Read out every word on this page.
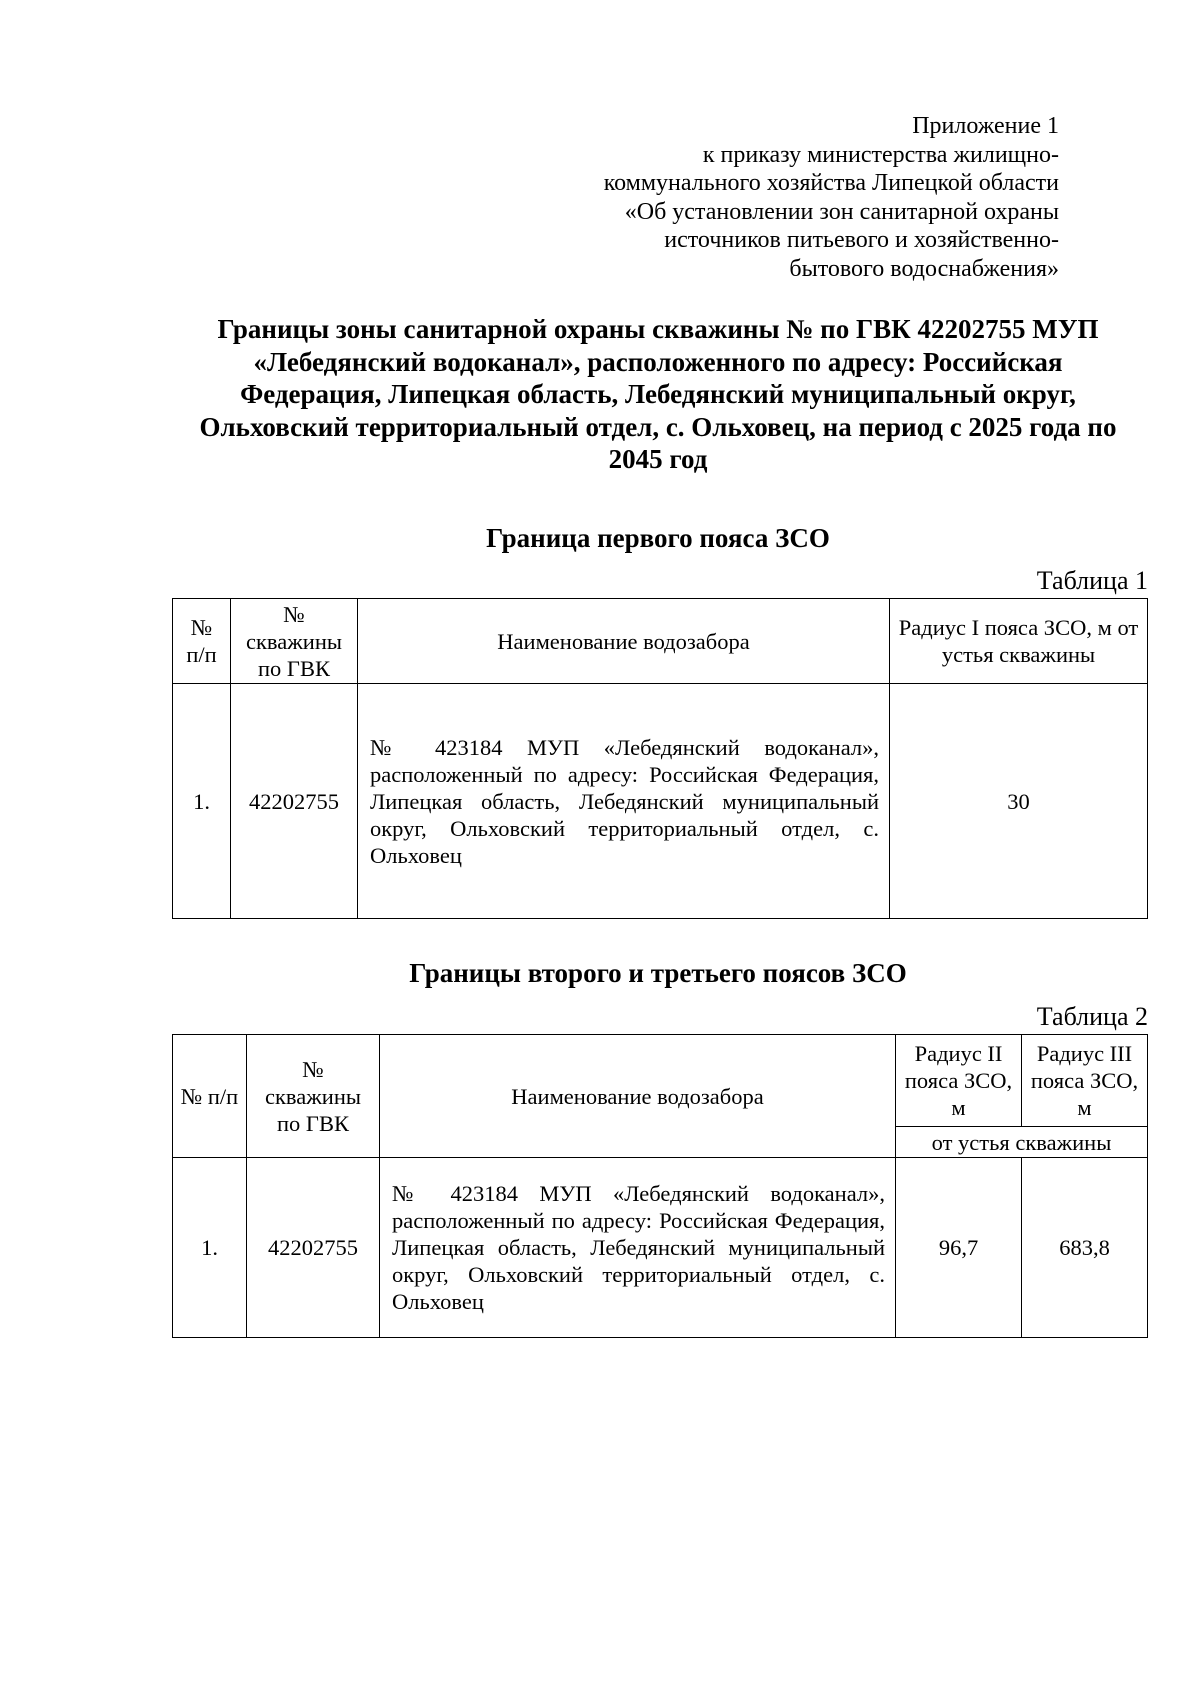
Приложение 1
к приказу министерства жилищно-
коммунального хозяйства Липецкой области
«Об установлении зон санитарной охраны
источников питьевого и хозяйственно-
бытового водоснабжения»
Границы зоны санитарной охраны скважины № по ГВК 42202755 МУП
«Лебедянский водоканал», расположенного по адресу: Российская
Федерация, Липецкая область, Лебедянский муниципальный округ,
Ольховский территориальный отдел, с. Ольховец, на период с 2025 года по
2045 год
Граница первого пояса ЗСО
Таблица 1
№ п/п	№ скважины по ГВК	Наименование водозабора	Радиус I пояса ЗСО, м от устья скважины
1.	42202755	№ 423184 МУП «Лебедянский водоканал», расположенный по адресу: Российская Федерация, Липецкая область, Лебедянский муниципальный округ, Ольховский территориальный отдел, с. Ольховец	30
Границы второго и третьего поясов ЗСО
Таблица 2
№ п/п	№ скважины по ГВК	Наименование водозабора	Радиус II пояса ЗСО, м	Радиус III пояса ЗСО, м
			от устья скважины	
1.	42202755	№ 423184 МУП «Лебедянский водоканал», расположенный по адресу: Российская Федерация, Липецкая область, Лебедянский муниципальный округ, Ольховский территориальный отдел, с. Ольховец	96,7	683,8
